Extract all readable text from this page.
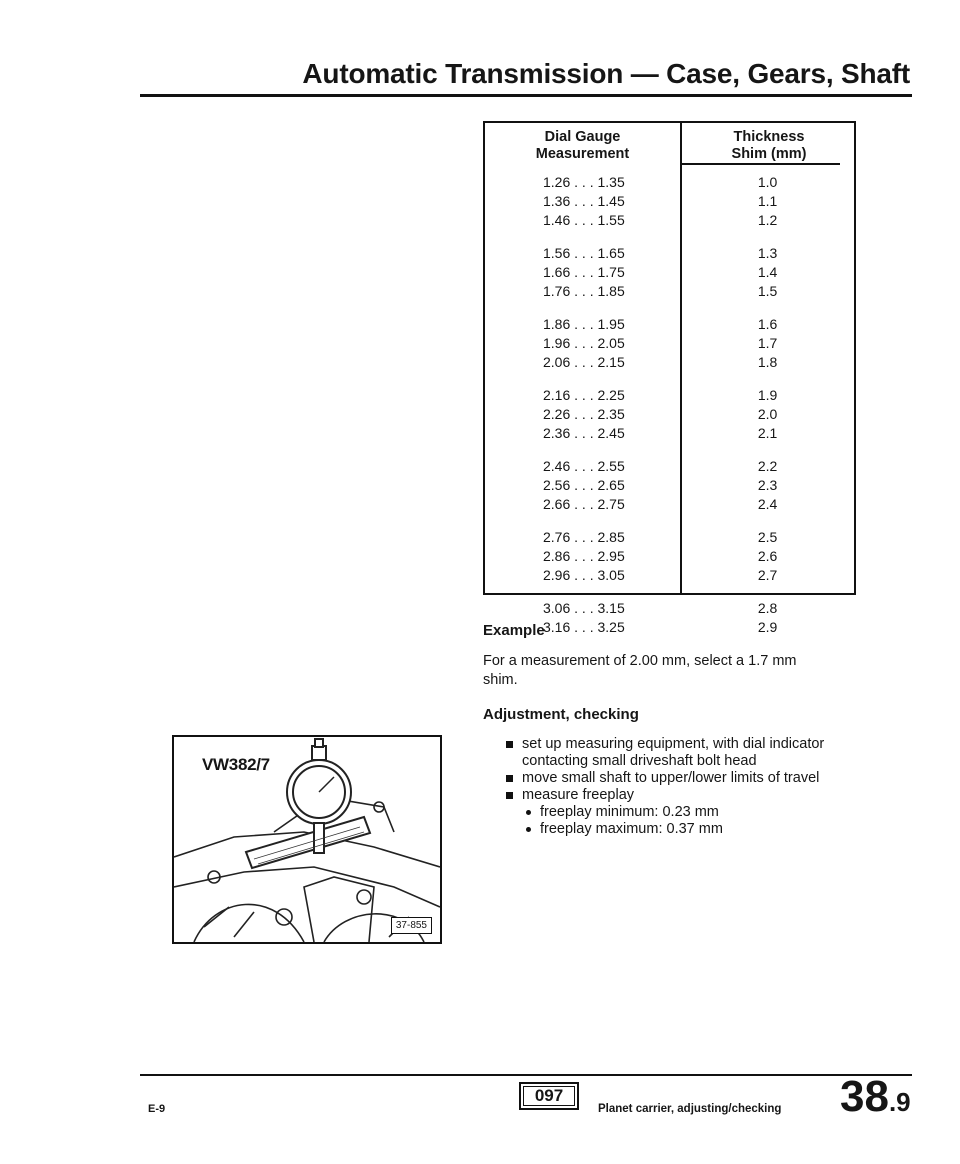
Automatic Transmission — Case, Gears, Shaft
Dial Gauge
Measurement
Thickness
Shim (mm)
1.26 . . . 1.35	1.0
1.36 . . . 1.45	1.1
1.46 . . . 1.55	1.2
1.56 . . . 1.65	1.3
1.66 . . . 1.75	1.4
1.76 . . . 1.85	1.5
1.86 . . . 1.95	1.6
1.96 . . . 2.05	1.7
2.06 . . . 2.15	1.8
2.16 . . . 2.25	1.9
2.26 . . . 2.35	2.0
2.36 . . . 2.45	2.1
2.46 . . . 2.55	2.2
2.56 . . . 2.65	2.3
2.66 . . . 2.75	2.4
2.76 . . . 2.85	2.5
2.86 . . . 2.95	2.6
2.96 . . . 3.05	2.7
3.06 . . . 3.15	2.8
3.16 . . . 3.25	2.9
Example
For a measurement of 2.00 mm, select a 1.7 mm shim.
Adjustment, checking
set up measuring equipment, with dial indicator contacting small driveshaft bolt head
move small shaft to upper/lower limits of travel
measure freeplay
freeplay minimum: 0.23 mm
freeplay maximum: 0.37 mm
VW382/7
37-855
E-9
097
Planet carrier, adjusting/checking 38.9
